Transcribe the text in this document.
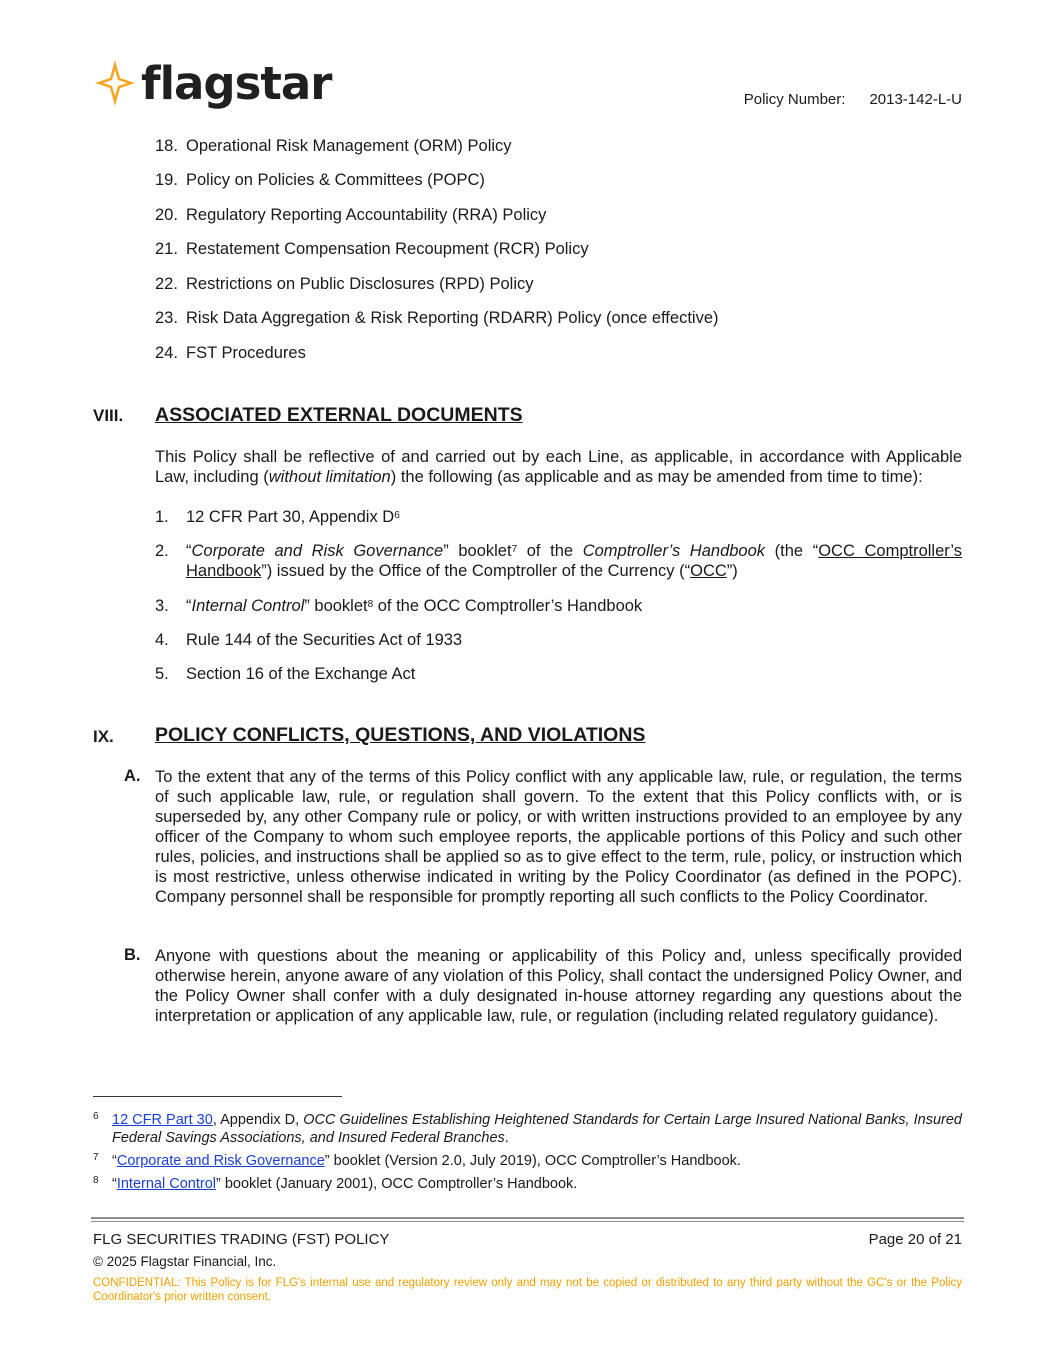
flagstar	Policy Number: 2013-142-L-U
18. Operational Risk Management (ORM) Policy
19. Policy on Policies & Committees (POPC)
20. Regulatory Reporting Accountability (RRA) Policy
21. Restatement Compensation Recoupment (RCR) Policy
22. Restrictions on Public Disclosures (RPD) Policy
23. Risk Data Aggregation & Risk Reporting (RDARR) Policy (once effective)
24. FST Procedures
VIII. ASSOCIATED EXTERNAL DOCUMENTS
This Policy shall be reflective of and carried out by each Line, as applicable, in accordance with Applicable Law, including (without limitation) the following (as applicable and as may be amended from time to time):
1. 12 CFR Part 30, Appendix $D^6$
2. “Corporate and Risk Governance” booklet$^7$ of the Comptroller’s Handbook (the “OCC Comptroller’s Handbook”) issued by the Office of the Comptroller of the Currency (“OCC”)
3. “Internal Control” booklet$^8$ of the OCC Comptroller’s Handbook
4. Rule 144 of the Securities Act of 1933
5. Section 16 of the Exchange Act
IX. POLICY CONFLICTS, QUESTIONS, AND VIOLATIONS
A. To the extent that any of the terms of this Policy conflict with any applicable law, rule, or regulation, the terms of such applicable law, rule, or regulation shall govern. To the extent that this Policy conflicts with, or is superseded by, any other Company rule or policy, or with written instructions provided to an employee by any officer of the Company to whom such employee reports, the applicable portions of this Policy and such other rules, policies, and instructions shall be applied so as to give effect to the term, rule, policy, or instruction which is most restrictive, unless otherwise indicated in writing by the Policy Coordinator (as defined in the POPC). Company personnel shall be responsible for promptly reporting all such conflicts to the Policy Coordinator.
B. Anyone with questions about the meaning or applicability of this Policy and, unless specifically provided otherwise herein, anyone aware of any violation of this Policy, shall contact the undersigned Policy Owner, and the Policy Owner shall confer with a duly designated in-house attorney regarding any questions about the interpretation or application of any applicable law, rule, or regulation (including related regulatory guidance).
6 12 CFR Part 30, Appendix D, OCC Guidelines Establishing Heightened Standards for Certain Large Insured National Banks, Insured Federal Savings Associations, and Insured Federal Branches.
7 “Corporate and Risk Governance” booklet (Version 2.0, July 2019), OCC Comptroller’s Handbook.
8 “Internal Control” booklet (January 2001), OCC Comptroller’s Handbook.
FLG SECURITIES TRADING (FST) POLICY	Page 20 of 21
© 2025 Flagstar Financial, Inc.
CONFIDENTIAL: This Policy is for FLG's internal use and regulatory review only and may not be copied or distributed to any third party without the GC's or the Policy Coordinator's prior written consent.
